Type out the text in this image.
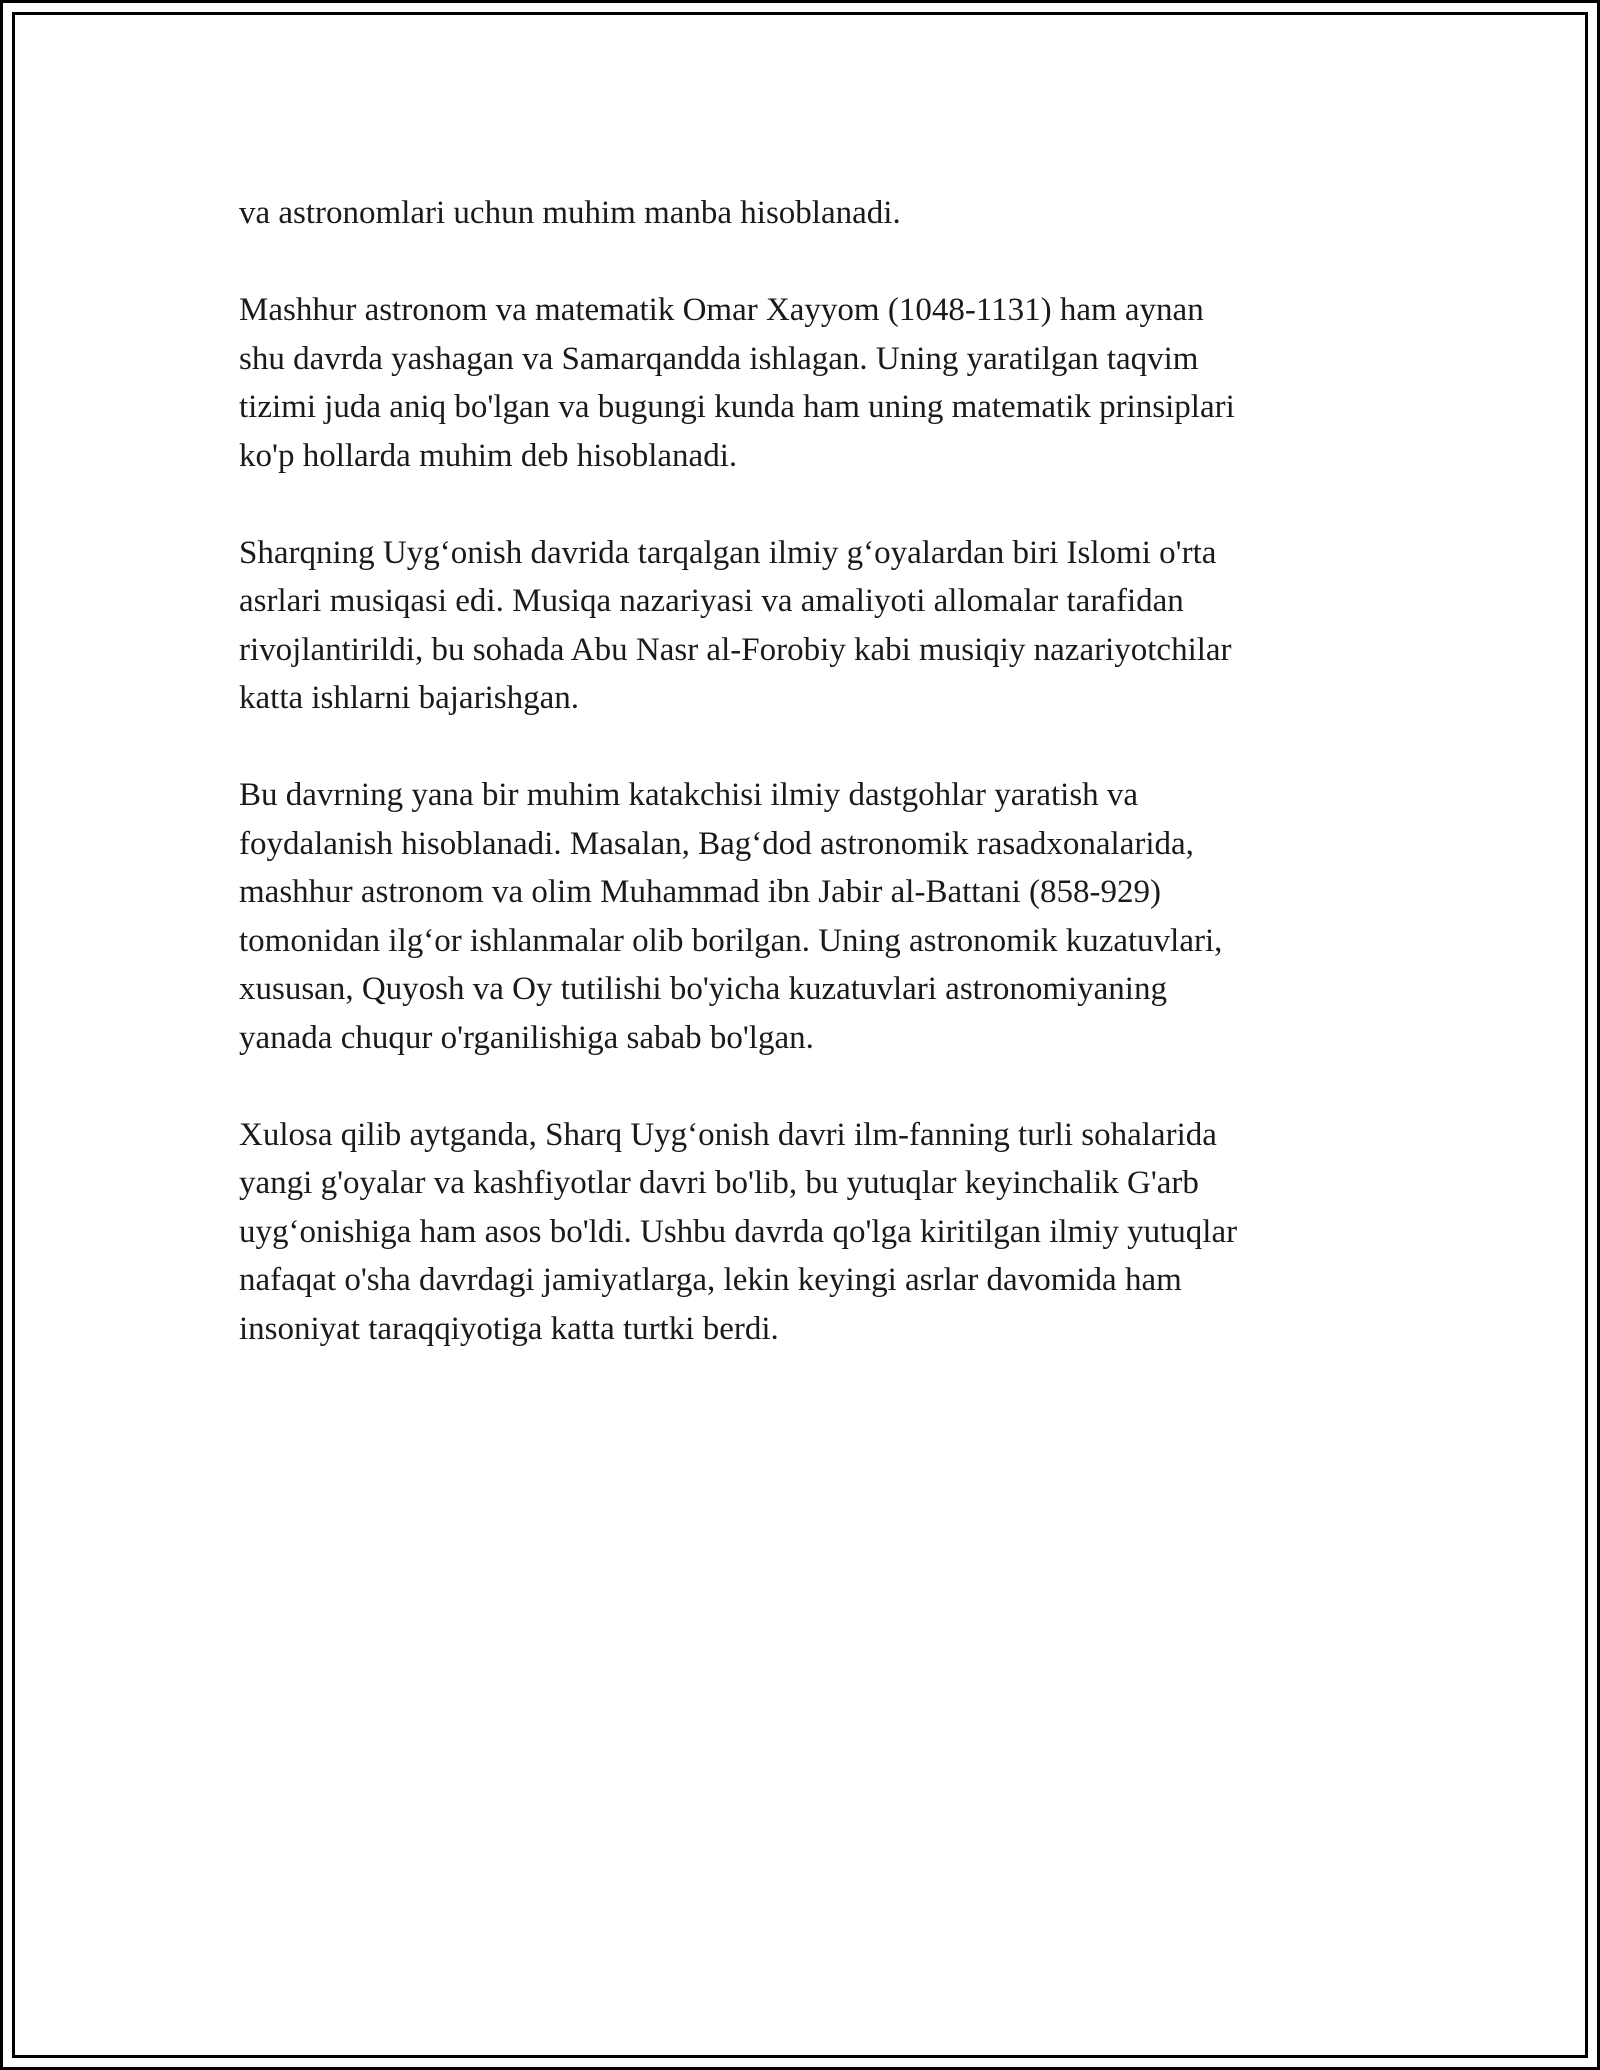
va astronomlari uchun muhim manba hisoblanadi.

Mashhur astronom va matematik Omar Xayyom (1048-1131) ham aynan
shu davrda yashagan va Samarqandda ishlagan. Uning yaratilgan taqvim
tizimi juda aniq bo'lgan va bugungi kunda ham uning matematik prinsiplari
ko'p hollarda muhim deb hisoblanadi.

Sharqning Uyg‘onish davrida tarqalgan ilmiy g‘oyalardan biri Islomi o'rta
asrlari musiqasi edi. Musiqa nazariyasi va amaliyoti allomalar tarafidan
rivojlantirildi, bu sohada Abu Nasr al-Forobiy kabi musiqiy nazariyotchilar
katta ishlarni bajarishgan.

Bu davrning yana bir muhim katakchisi ilmiy dastgohlar yaratish va
foydalanish hisoblanadi. Masalan, Bag‘dod astronomik rasadxonalarida,
mashhur astronom va olim Muhammad ibn Jabir al-Battani (858-929)
tomonidan ilg‘or ishlanmalar olib borilgan. Uning astronomik kuzatuvlari,
xususan, Quyosh va Oy tutilishi bo'yicha kuzatuvlari astronomiyaning
yanada chuqur o'rganilishiga sabab bo'lgan.

Xulosa qilib aytganda, Sharq Uyg‘onish davri ilm-fanning turli sohalarida
yangi g'oyalar va kashfiyotlar davri bo'lib, bu yutuqlar keyinchalik G'arb
uyg‘onishiga ham asos bo'ldi. Ushbu davrda qo'lga kiritilgan ilmiy yutuqlar
nafaqat o'sha davrdagi jamiyatlarga, lekin keyingi asrlar davomida ham
insoniyat taraqqiyotiga katta turtki berdi.
